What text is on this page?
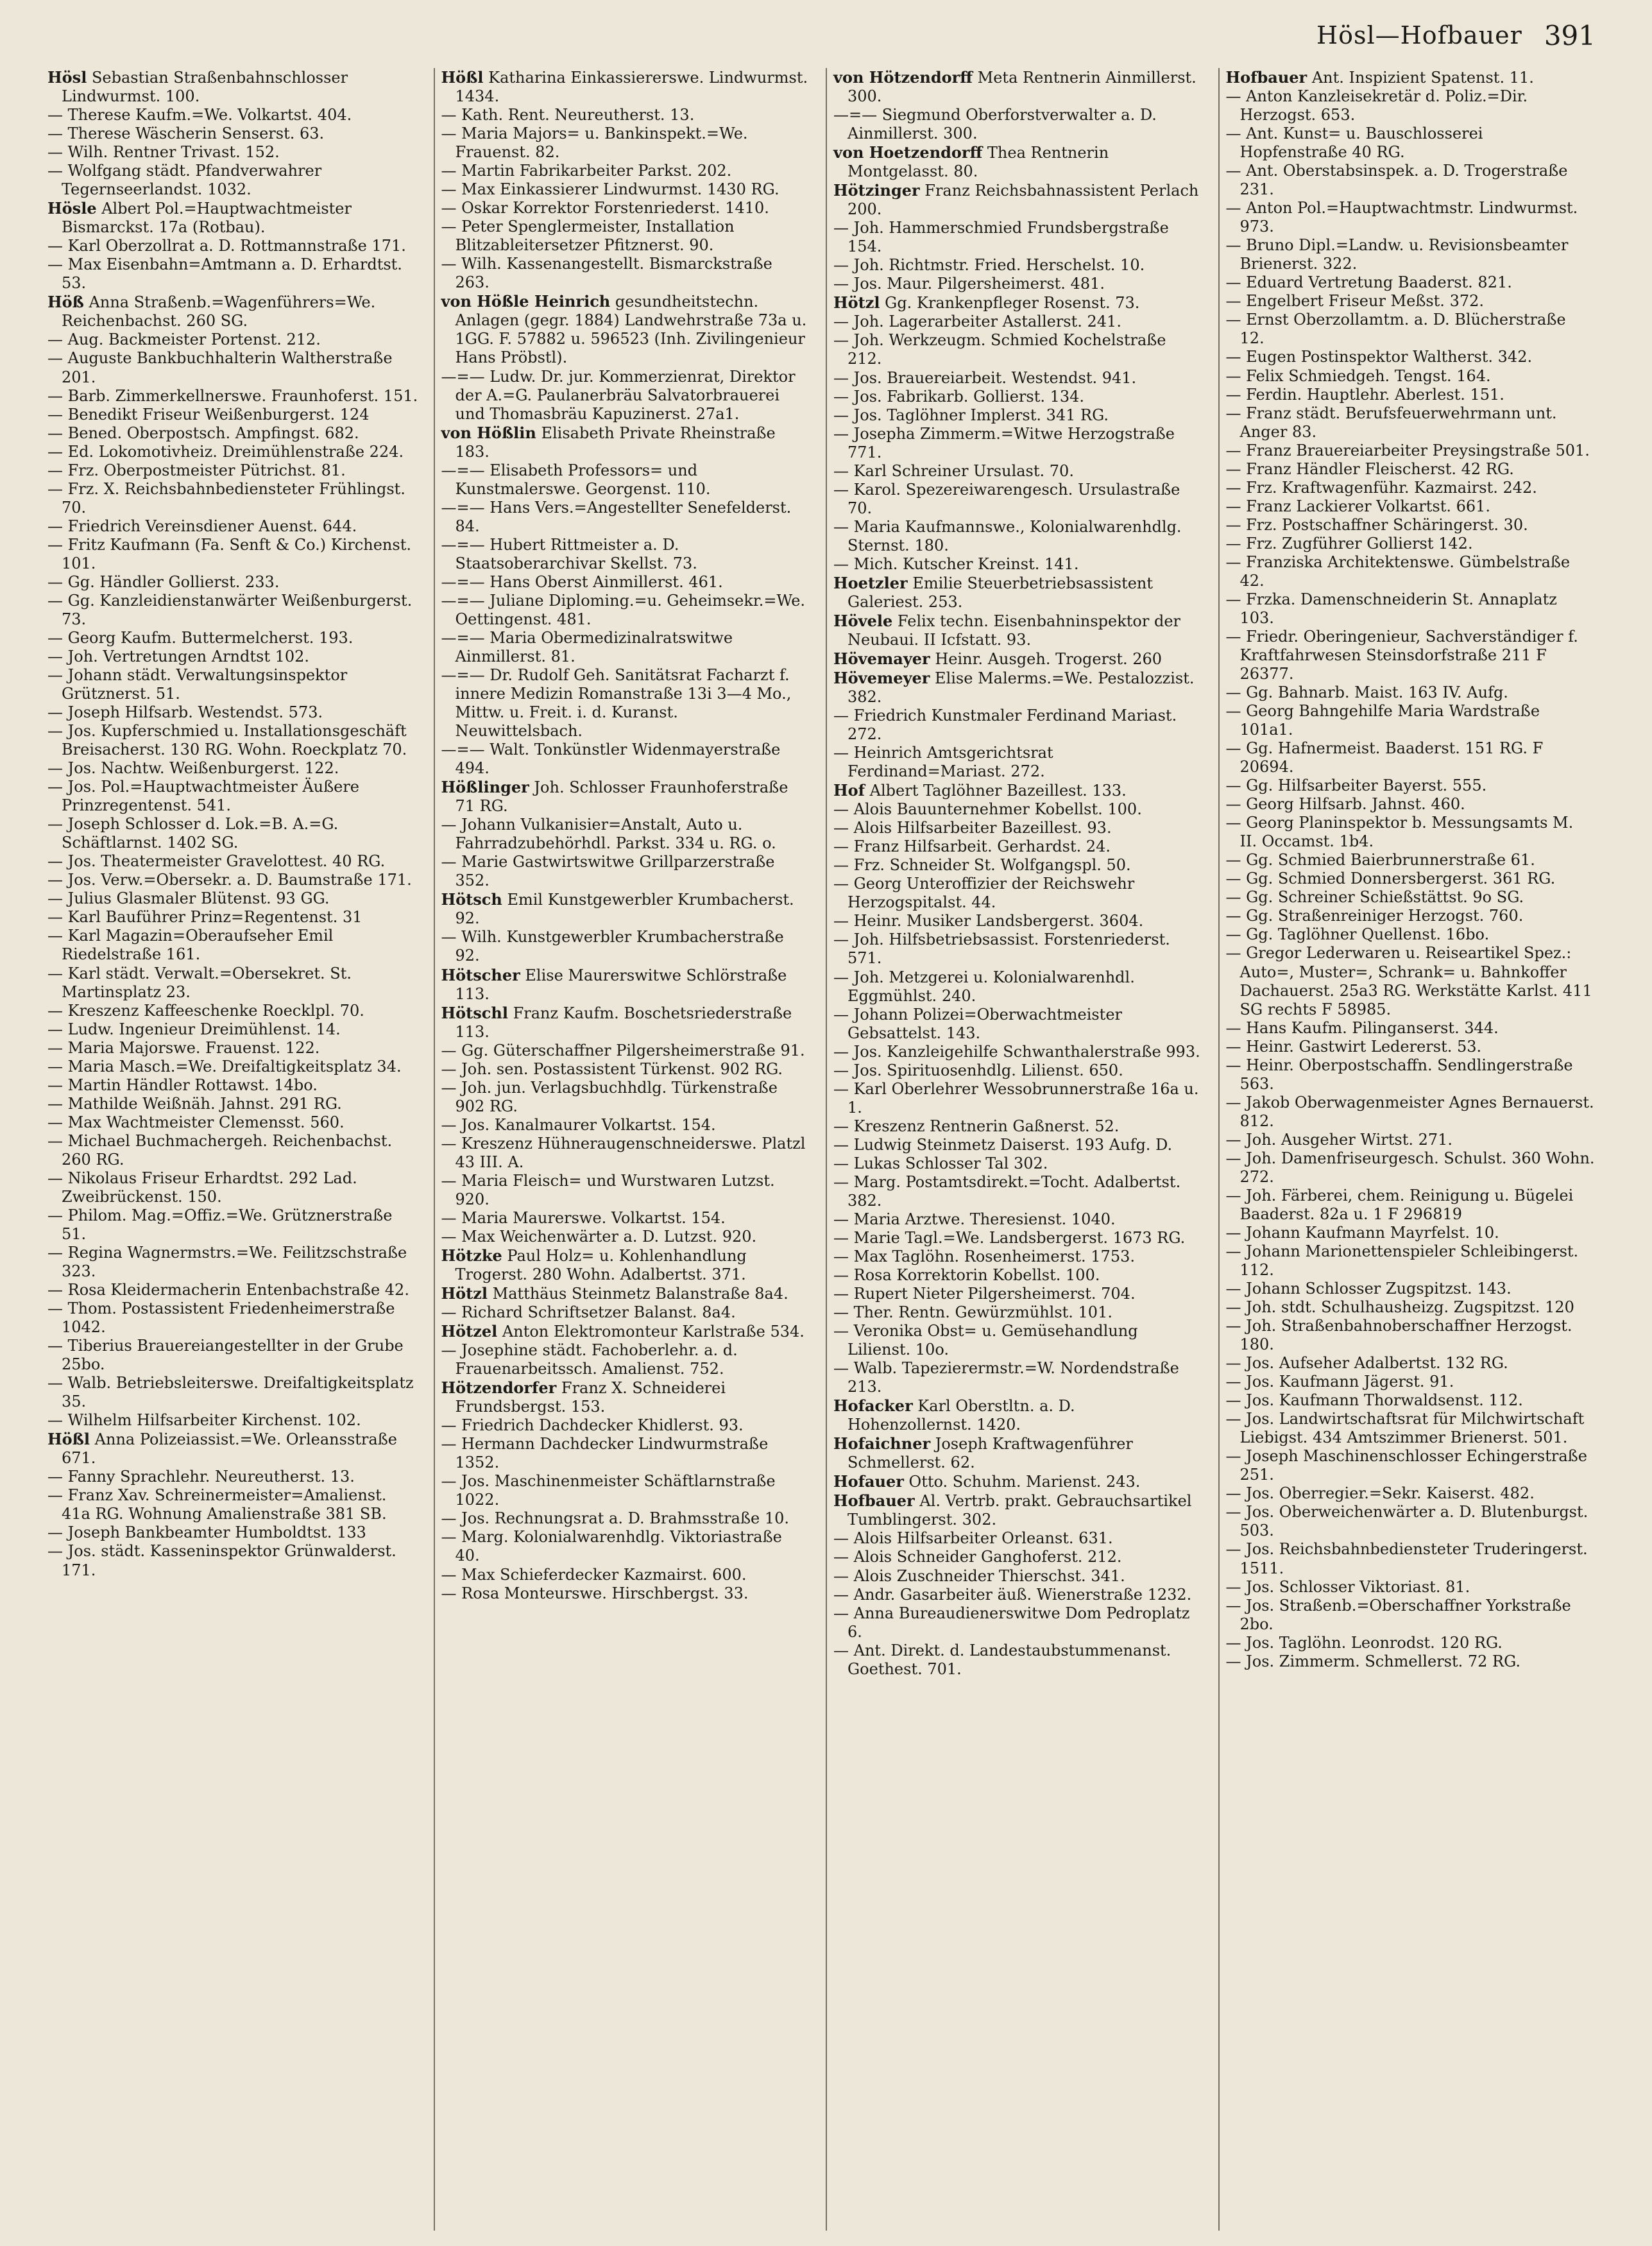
Hösl—Hofbauer 391
Hösl Sebastian Straßenbahnschlosser Lindwurmst. 100.
— Therese Kaufm.=We. Volkartst. 404.
— Therese Wäscherin Senserst. 63.
— Wilh. Rentner Trivast. 152.
— Wolfgang städt. Pfandverwahrer Tegernseerlandst. 1032.
Hösle Albert Pol.=Hauptwachtmeister Bismarckst. 17a (Rotbau).
— Karl Oberzollrat a. D. Rottmannstraße 171.
— Max Eisenbahn=Amtmann a. D. Erhardtst. 53.
Höß Anna Straßenb.=Wagenführers=We. Reichenbachst. 260 SG.
— Aug. Backmeister Portenst. 212.
— Auguste Bankbuchhalterin Waltherstraße 201.
— Barb. Zimmerkellnerswe. Fraunhoferst. 151.
— Benedikt Friseur Weißenburgerst. 124
— Bened. Oberpostsch. Ampfingst. 682.
— Ed. Lokomotivheiz. Dreimühlenstraße 224.
— Frz. Oberpostmeister Pütrichst. 81.
— Frz. X. Reichsbahnbediensteter Frühlingst. 70.
— Friedrich Vereinsdiener Auenst. 644.
— Fritz Kaufmann (Fa. Senft & Co.) Kirchenst. 101.
— Gg. Händler Gollierst. 233.
— Gg. Kanzleidienstanwärter Weißenburgerst. 73.
— Georg Kaufm. Buttermelcherst. 193.
— Joh. Vertretungen Arndtst 102.
— Johann städt. Verwaltungsinspektor Grütznerst. 51.
— Joseph Hilfsarb. Westendst. 573.
— Jos. Kupferschmied u. Installationsgeschäft Breisacherst. 130 RG. Wohn. Roeckplatz 70.
— Jos. Nachtw. Weißenburgerst. 122.
— Jos. Pol.=Hauptwachtmeister Äußere Prinzregentenst. 541.
— Joseph Schlosser d. Lok.=B. A.=G. Schäftlarnst. 1402 SG.
— Jos. Theatermeister Gravelottest. 40 RG.
— Jos. Verw.=Obersekr. a. D. Baumstraße 171.
— Julius Glasmaler Blütenst. 93 GG.
— Karl Bauführer Prinz=Regentenst. 31
— Karl Magazin=Oberaufseher Emil Riedelstraße 161.
— Karl städt. Verwalt.=Obersekret. St. Martinsplatz 23.
— Kreszenz Kaffeeschenke Roecklpl. 70.
— Ludw. Ingenieur Dreimühlenst. 14.
— Maria Majorswe. Frauenst. 122.
— Maria Masch.=We. Dreifaltigkeitsplatz 34.
— Martin Händler Rottawst. 14bo.
— Mathilde Weißnäh. Jahnst. 291 RG.
— Max Wachtmeister Clemensst. 560.
— Michael Buchmachergeh. Reichenbachst. 260 RG.
— Nikolaus Friseur Erhardtst. 292 Lad. Zweibrückenst. 150.
— Philom. Mag.=Offiz.=We. Grütznerstraße 51.
— Regina Wagnermstrs.=We. Feilitzschstraße 323.
— Rosa Kleidermacherin Entenbachstraße 42.
— Thom. Postassistent Friedenheimerstraße 1042.
— Tiberius Brauereiangestellter in der Grube 25bo.
— Walb. Betriebsleiterswe. Dreifaltigkeitsplatz 35.
— Wilhelm Hilfsarbeiter Kirchenst. 102.
Hößl Anna Polizeiassist.=We. Orleansstraße 671.
— Fanny Sprachlehr. Neureutherst. 13.
— Franz Xav. Schreinermeister=Amalienst. 41a RG. Wohnung Amalienstraße 381 SB.
— Joseph Bankbeamter Humboldtst. 133
— Jos. städt. Kasseninspektor Grünwalderst. 171.
Hößl Katharina Einkassiererswe. Lindwurmst. 1434.
— Kath. Rent. Neureutherst. 13.
— Maria Majors= u. Bankinspekt.=We. Frauenst. 82.
— Martin Fabrikarbeiter Parkst. 202.
— Max Einkassierer Lindwurmst. 1430 RG.
— Oskar Korrektor Forstenriederst. 1410.
— Peter Spenglermeister, Installation Blitzableitersetzer Pfitznerst. 90.
— Wilh. Kassenangestellt. Bismarckstraße 263.
von Hößle Heinrich gesundheitstechn. Anlagen (gegr. 1884) Landwehrstraße 73a u. 1GG. F. 57882 u. 596523 (Inh. Zivilingenieur Hans Pröbstl).
—=— Ludw. Dr. jur. Kommerzienrat, Direktor der A.=G. Paulanerbräu Salvatorbrauerei und Thomasbräu Kapuzinerst. 27a1.
von Hößlin Elisabeth Private Rheinstraße 183.
—=— Elisabeth Professors= und Kunstmalerswe. Georgenst. 110.
—=— Hans Vers.=Angestellter Senefelderst. 84.
—=— Hubert Rittmeister a. D. Staatsoberarchivar Skellst. 73.
—=— Hans Oberst Ainmillerst. 461.
—=— Juliane Diploming.=u. Geheimsekr.=We. Oettingenst. 481.
—=— Maria Obermedizinalratswitwe Ainmillerst. 81.
—=— Dr. Rudolf Geh. Sanitätsrat Facharzt f. innere Medizin Romanstraße 13i 3—4 Mo., Mittw. u. Freit. i. d. Kuranst. Neuwittelsbach.
—=— Walt. Tonkünstler Widenmayerstraße 494.
Hößlinger Joh. Schlosser Fraunhoferstraße 71 RG.
— Johann Vulkanisier=Anstalt, Auto u. Fahrradzubehörhdl. Parkst. 334 u. RG. o.
— Marie Gastwirtswitwe Grillparzerstraße 352.
Hötsch Emil Kunstgewerbler Krumbacherst. 92.
— Wilh. Kunstgewerbler Krumbacherstraße 92.
Hötscher Elise Maurerswitwe Schlörstraße 113.
Hötschl Franz Kaufm. Boschetsriederstraße 113.
— Gg. Güterschaffner Pilgersheimerstraße 91.
— Joh. sen. Postassistent Türkenst. 902 RG.
— Joh. jun. Verlagsbuchhdlg. Türkenstraße 902 RG.
— Jos. Kanalmaurer Volkartst. 154.
— Kreszenz Hühneraugenschneiderswe. Platzl 43 III. A.
— Maria Fleisch= und Wurstwaren Lutzst. 920.
— Maria Maurerswe. Volkartst. 154.
— Max Weichenwärter a. D. Lutzst. 920.
Hötzke Paul Holz= u. Kohlenhandlung Trogerst. 280 Wohn. Adalbertst. 371.
Hötzl Matthäus Steinmetz Balanstraße 8a4.
— Richard Schriftsetzer Balanst. 8a4.
Hötzel Anton Elektromonteur Karlstraße 534.
— Josephine städt. Fachoberlehr. a. d. Frauenarbeitssch. Amalienst. 752.
Hötzendorfer Franz X. Schneiderei Frundsbergst. 153.
— Friedrich Dachdecker Khidlerst. 93.
— Hermann Dachdecker Lindwurmstraße 1352.
— Jos. Maschinenmeister Schäftlarnstraße 1022.
— Jos. Rechnungsrat a. D. Brahmsstraße 10.
— Marg. Kolonialwarenhdlg. Viktoriastraße 40.
— Max Schieferdecker Kazmairst. 600.
— Rosa Monteurswe. Hirschbergst. 33.
von Hötzendorff Meta Rentnerin Ainmillerst. 300.
—=— Siegmund Oberforstverwalter a. D. Ainmillerst. 300.
von Hoetzendorff Thea Rentnerin Montgelasst. 80.
Hötzinger Franz Reichsbahnassistent Perlach 200.
— Joh. Hammerschmied Frundsbergstraße 154.
— Joh. Richtmstr. Fried. Herschelst. 10.
— Jos. Maur. Pilgersheimerst. 481.
Hötzl Gg. Krankenpfleger Rosenst. 73.
— Joh. Lagerarbeiter Astallerst. 241.
— Joh. Werkzeugm. Schmied Kochelstraße 212.
— Jos. Brauereiarbeit. Westendst. 941.
— Jos. Fabrikarb. Gollierst. 134.
— Jos. Taglöhner Implerst. 341 RG.
— Josepha Zimmerm.=Witwe Herzogstraße 771.
— Karl Schreiner Ursulast. 70.
— Karol. Spezereiwarengesch. Ursulastraße 70.
— Maria Kaufmannswe., Kolonialwarenhdlg. Sternst. 180.
— Mich. Kutscher Kreinst. 141.
Hoetzler Emilie Steuerbetriebsassistent Galeriest. 253.
Hövele Felix techn. Eisenbahninspektor der Neubaui. II Icfstatt. 93.
Hövemayer Heinr. Ausgeh. Trogerst. 260
Hövemeyer Elise Malerms.=We. Pestalozzist. 382.
— Friedrich Kunstmaler Ferdinand Mariast. 272.
— Heinrich Amtsgerichtsrat Ferdinand=Mariast. 272.
Hof Albert Taglöhner Bazeillest. 133.
— Alois Bauunternehmer Kobellst. 100.
— Alois Hilfsarbeiter Bazeillest. 93.
— Franz Hilfsarbeit. Gerhardst. 24.
— Frz. Schneider St. Wolfgangspl. 50.
— Georg Unteroffizier der Reichswehr Herzogspitalst. 44.
— Heinr. Musiker Landsbergerst. 3604.
— Joh. Hilfsbetriebsassist. Forstenriederst. 571.
— Joh. Metzgerei u. Kolonialwarenhdl. Eggmühlst. 240.
— Johann Polizei=Oberwachtmeister Gebsattelst. 143.
— Jos. Kanzleigehilfe Schwanthalerstraße 993.
— Jos. Spirituosenhdlg. Lilienst. 650.
— Karl Oberlehrer Wessobrunnerstraße 16a u. 1.
— Kreszenz Rentnerin Gaßnerst. 52.
— Ludwig Steinmetz Daiserst. 193 Aufg. D.
— Lukas Schlosser Tal 302.
— Marg. Postamtsdirekt.=Tocht. Adalbertst. 382.
— Maria Arztwe. Theresienst. 1040.
— Marie Tagl.=We. Landsbergerst. 1673 RG.
— Max Taglöhn. Rosenheimerst. 1753.
— Rosa Korrektorin Kobellst. 100.
— Rupert Nieter Pilgersheimerst. 704.
— Ther. Rentn. Gewürzmühlst. 101.
— Veronika Obst= u. Gemüsehandlung Lilienst. 10o.
— Walb. Tapezierermstr.=W. Nordendstraße 213.
Hofacker Karl Oberstltn. a. D. Hohenzollernst. 1420.
Hofaichner Joseph Kraftwagenführer Schmellerst. 62.
Hofauer Otto. Schuhm. Marienst. 243.
Hofbauer Al. Vertrb. prakt. Gebrauchsartikel Tumblingerst. 302.
— Alois Hilfsarbeiter Orleanst. 631.
— Alois Schneider Ganghoferst. 212.
— Alois Zuschneider Thierschst. 341.
— Andr. Gasarbeiter äuß. Wienerstraße 1232.
— Anna Bureaudienerswitwe Dom Pedroplatz 6.
— Ant. Direkt. d. Landestaubstummenanst. Goethest. 701.
Hofbauer Ant. Inspizient Spatenst. 11.
— Anton Kanzleisekretär d. Poliz.=Dir. Herzogst. 653.
— Ant. Kunst= u. Bauschlosserei Hopfenstraße 40 RG.
— Ant. Oberstabsinspek. a. D. Trogerstraße 231.
— Anton Pol.=Hauptwachtmstr. Lindwurmst. 973.
— Bruno Dipl.=Landw. u. Revisionsbeamter Brienerst. 322.
— Eduard Vertretung Baaderst. 821.
— Engelbert Friseur Meßst. 372.
— Ernst Oberzollamtm. a. D. Blücherstraße 12.
— Eugen Postinspektor Waltherst. 342.
— Felix Schmiedgeh. Tengst. 164.
— Ferdin. Hauptlehr. Aberlest. 151.
— Franz städt. Berufsfeuerwehrmann unt. Anger 83.
— Franz Brauereiarbeiter Preysingstraße 501.
— Franz Händler Fleischerst. 42 RG.
— Frz. Kraftwagenführ. Kazmairst. 242.
— Franz Lackierer Volkartst. 661.
— Frz. Postschaffner Schäringerst. 30.
— Frz. Zugführer Gollierst 142.
— Franziska Architektenswe. Gümbelstraße 42.
— Frzka. Damenschneiderin St. Annaplatz 103.
— Friedr. Oberingenieur, Sachverständiger f. Kraftfahrwesen Steinsdorfstraße 211 F 26377.
— Gg. Bahnarb. Maist. 163 IV. Aufg.
— Georg Bahngehilfe Maria Wardstraße 101a1.
— Gg. Hafnermeist. Baaderst. 151 RG. F 20694.
— Gg. Hilfsarbeiter Bayerst. 555.
— Georg Hilfsarb. Jahnst. 460.
— Georg Planinspektor b. Messungsamts M. II. Occamst. 1b4.
— Gg. Schmied Baierbrunnerstraße 61.
— Gg. Schmied Donnersbergerst. 361 RG.
— Gg. Schreiner Schießstättst. 9o SG.
— Gg. Straßenreiniger Herzogst. 760.
— Gg. Taglöhner Quellenst. 16bo.
— Gregor Lederwaren u. Reiseartikel Spez.: Auto=, Muster=, Schrank= u. Bahnkoffer Dachauerst. 25a3 RG. Werkstätte Karlst. 411 SG rechts F 58985.
— Hans Kaufm. Pilinganserst. 344.
— Heinr. Gastwirt Ledererst. 53.
— Heinr. Oberpostschaffn. Sendlingerstraße 563.
— Jakob Oberwagenmeister Agnes Bernauerst. 812.
— Joh. Ausgeher Wirtst. 271.
— Joh. Damenfriseurgesch. Schulst. 360 Wohn. 272.
— Joh. Färberei, chem. Reinigung u. Bügelei Baaderst. 82a u. 1 F 296819
— Johann Kaufmann Mayrfelst. 10.
— Johann Marionettenspieler Schleibingerst. 112.
— Johann Schlosser Zugspitzst. 143.
— Joh. stdt. Schulhausheizg. Zugspitzst. 120
— Joh. Straßenbahnoberschaffner Herzogst. 180.
— Jos. Aufseher Adalbertst. 132 RG.
— Jos. Kaufmann Jägerst. 91.
— Jos. Kaufmann Thorwaldsenst. 112.
— Jos. Landwirtschaftsrat für Milchwirtschaft Liebigst. 434 Amtszimmer Brienerst. 501.
— Joseph Maschinenschlosser Echingerstraße 251.
— Jos. Oberregier.=Sekr. Kaiserst. 482.
— Jos. Oberweichenwärter a. D. Blutenburgst. 503.
— Jos. Reichsbahnbediensteter Truderingerst. 1511.
— Jos. Schlosser Viktoriast. 81.
— Jos. Straßenb.=Oberschaffner Yorkstraße 2bo.
— Jos. Taglöhn. Leonrodst. 120 RG.
— Jos. Zimmerm. Schmellerst. 72 RG.
